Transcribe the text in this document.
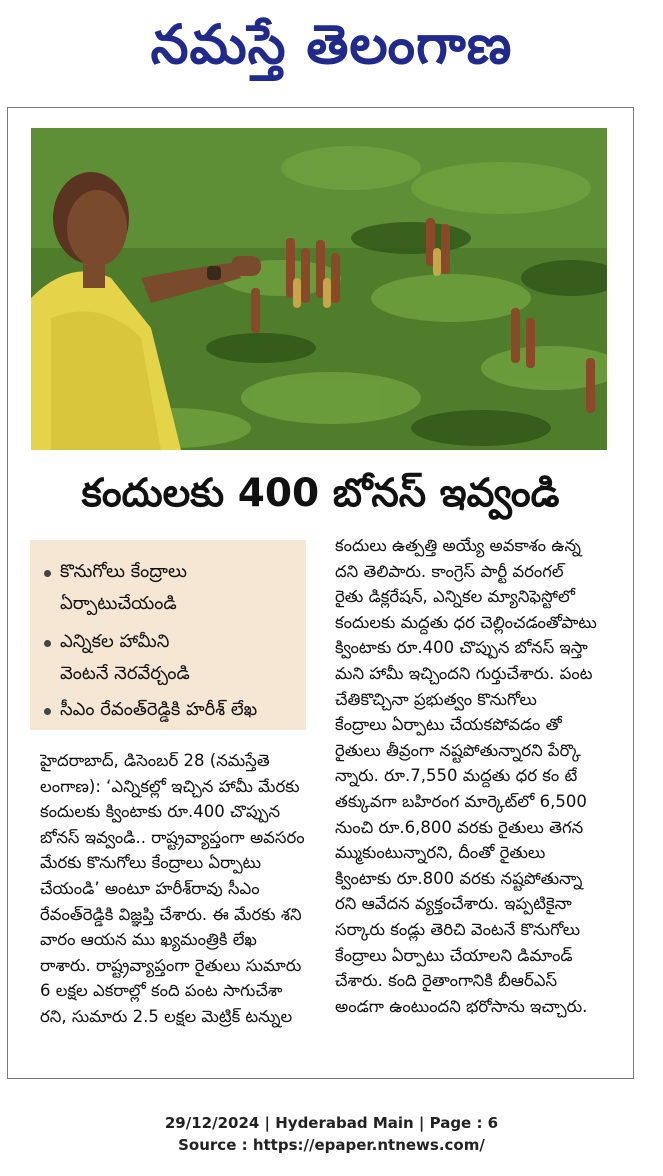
నమస్తే తెలంగాణ
కందులకు 400 బోనస్ ఇవ్వండి
కొనుగోలు కేంద్రాలు
ఏర్పాటుచేయండి
ఎన్నికల హామీని
వెంటనే నెరవేర్చండి
సీఎం రేవంత్‌రెడ్డికి హరీశ్ లేఖ
హైదరాబాద్, డిసెంబర్ 28 (నమస్తేతె
లంగాణ): ‘ఎన్నికల్లో ఇచ్చిన హామీ మేరకు
కందులకు క్వింటాకు రూ.400 చొప్పున
బోనస్ ఇవ్వండి.. రాష్ట్రవ్యాప్తంగా అవసరం
మేరకు కొనుగోలు కేంద్రాలు ఏర్పాటు
చేయండి’ అంటూ హరీశ్‌రావు సీఎం
రేవంత్‌రెడ్డికి విజ్ఞప్తి చేశారు. ఈ మేరకు శని
వారం ఆయన ము ఖ్యమంత్రికి లేఖ
రాశారు. రాష్ట్రవ్యాప్తంగా రైతులు సుమారు
6 లక్షల ఎకరాల్లో కంది పంట సాగుచేశా
రని, సుమారు 2.5 లక్షల మెట్రిక్ టన్నుల
కందులు ఉత్పత్తి అయ్యే అవకాశం ఉన్న
దని తెలిపారు. కాంగ్రెస్ పార్టీ వరంగల్
రైతు డిక్లరేషన్, ఎన్నికల మ్యానిఫెస్టోలో
కందులకు మద్దతు ధర చెల్లించడంతోపాటు
క్వింటాకు రూ.400 చొప్పున బోనస్ ఇస్తా
మని హామీ ఇచ్చిందని గుర్తుచేశారు. పంట
చేతికొచ్చినా ప్రభుత్వం కొనుగోలు
కేంద్రాలు ఏర్పాటు చేయకపోవడం తో
రైతులు తీవ్రంగా నష్టపోతున్నారని పేర్కొ
న్నారు. రూ.7,550 మద్దతు ధర కం టే
తక్కువగా బహిరంగ మార్కెట్‌లో 6,500
నుంచి రూ.6,800 వరకు రైతులు తెగన
మ్ముకుంటున్నారని, దీంతో రైతులు
క్వింటాకు రూ.800 వరకు నష్టపోతున్నా
రని ఆవేదన వ్యక్తంచేశారు. ఇప్పటికైనా
సర్కారు కండ్లు తెరిచి వెంటనే కొనుగోలు
కేంద్రాలు ఏర్పాటు చేయాలని డిమాండ్
చేశారు. కంది రైతాంగానికి బీఆర్‌ఎస్
అండగా ఉంటుందని భరోసాను ఇచ్చారు.
29/12/2024 | Hyderabad Main | Page : 6
Source : https://epaper.ntnews.com/
